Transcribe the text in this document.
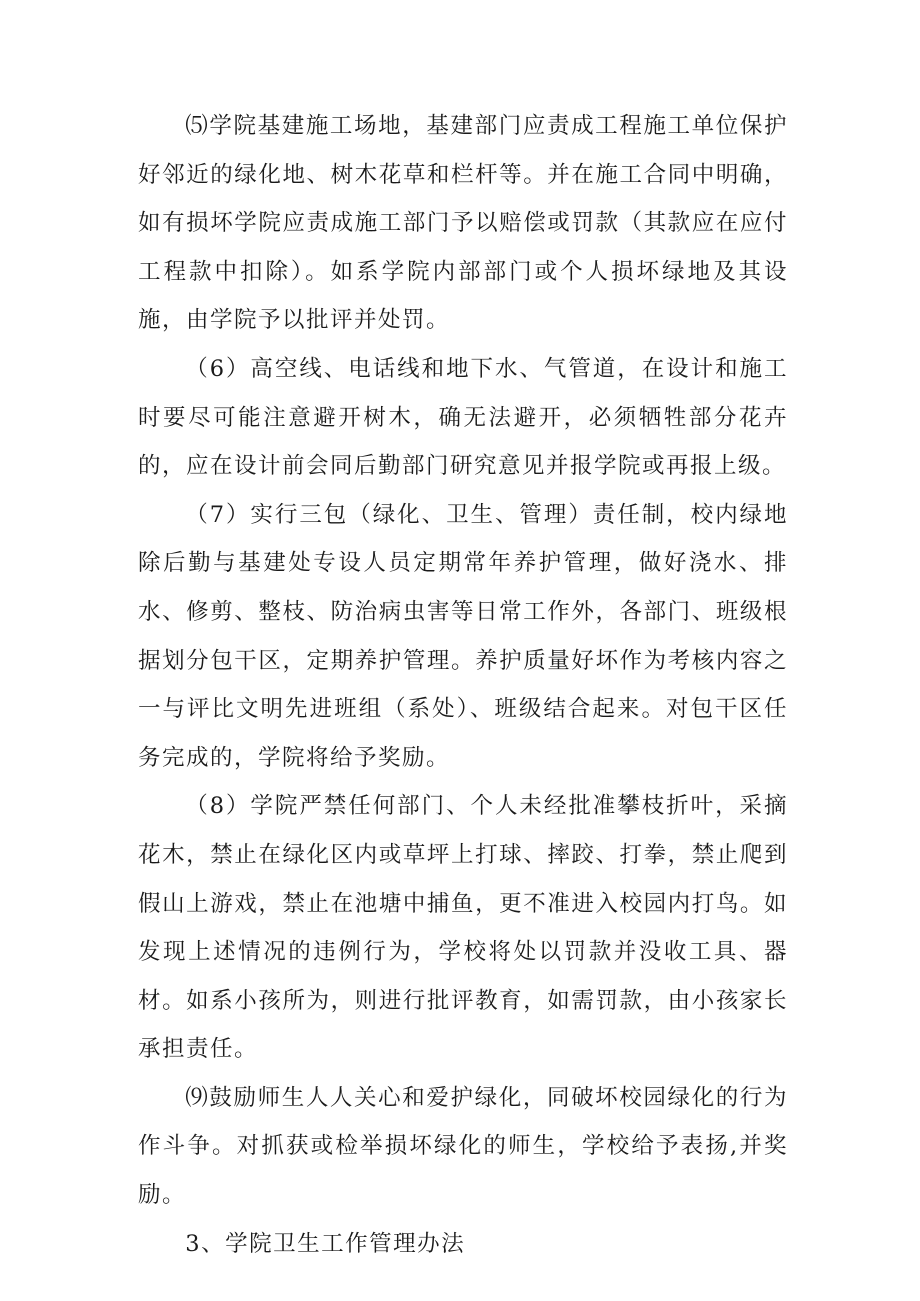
⑸学院基建施工场地，基建部门应责成工程施工单位保护好邻近的绿化地、树木花草和栏杆等。并在施工合同中明确，如有损坏学院应责成施工部门予以赔偿或罚款（其款应在应付工程款中扣除）。如系学院内部部门或个人损坏绿地及其设施，由学院予以批评并处罚。

（6）高空线、电话线和地下水、气管道，在设计和施工时要尽可能注意避开树木，确无法避开，必须牺牲部分花卉的，应在设计前会同后勤部门研究意见并报学院或再报上级。

（7）实行三包（绿化、卫生、管理）责任制，校内绿地除后勤与基建处专设人员定期常年养护管理，做好浇水、排水、修剪、整枝、防治病虫害等日常工作外，各部门、班级根据划分包干区，定期养护管理。养护质量好坏作为考核内容之一与评比文明先进班组（系处）、班级结合起来。对包干区任务完成的，学院将给予奖励。

（8）学院严禁任何部门、个人未经批准攀枝折叶，采摘花木，禁止在绿化区内或草坪上打球、摔跤、打拳，禁止爬到假山上游戏，禁止在池塘中捕鱼，更不准进入校园内打鸟。如发现上述情况的违例行为，学校将处以罚款并没收工具、器材。如系小孩所为，则进行批评教育，如需罚款，由小孩家长承担责任。

⑼鼓励师生人人关心和爱护绿化，同破坏校园绿化的行为作斗争。对抓获或检举损坏绿化的师生，学校给予表扬,并奖励。

3、学院卫生工作管理办法
